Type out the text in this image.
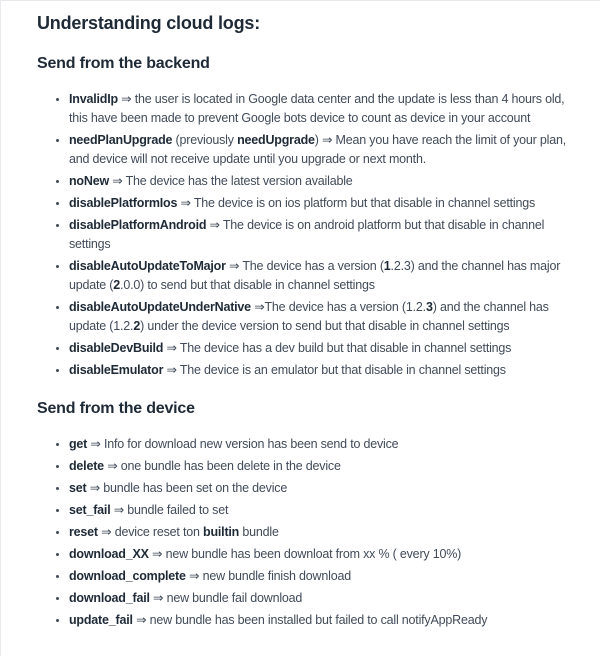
Understanding cloud logs:
Send from the backend
• InvalidIp ⇒ the user is located in Google data center and the update is less than 4 hours old, this have been made to prevent Google bots device to count as device in your account
• needPlanUpgrade (previously needUpgrade) ⇒ Mean you have reach the limit of your plan, and device will not receive update until you upgrade or next month.
• noNew ⇒ The device has the latest version available
• disablePlatformIos ⇒ The device is on ios platform but that disable in channel settings
• disablePlatformAndroid ⇒ The device is on android platform but that disable in channel settings
• disableAutoUpdateToMajor ⇒ The device has a version (1.2.3) and the channel has major update (2.0.0) to send but that disable in channel settings
• disableAutoUpdateUnderNative ⇒The device has a version (1.2.3) and the channel has update (1.2.2) under the device version to send but that disable in channel settings
• disableDevBuild ⇒ The device has a dev build but that disable in channel settings
• disableEmulator ⇒ The device is an emulator but that disable in channel settings
Send from the device
• get ⇒ Info for download new version has been send to device
• delete ⇒ one bundle has been delete in the device
• set ⇒ bundle has been set on the device
• set_fail ⇒ bundle failed to set
• reset ⇒ device reset ton builtin bundle
• download_XX ⇒ new bundle has been downloat from xx % ( every 10%)
• download_complete ⇒ new bundle finish download
• download_fail ⇒ new bundle fail download
• update_fail ⇒ new bundle has been installed but failed to call notifyAppReady
